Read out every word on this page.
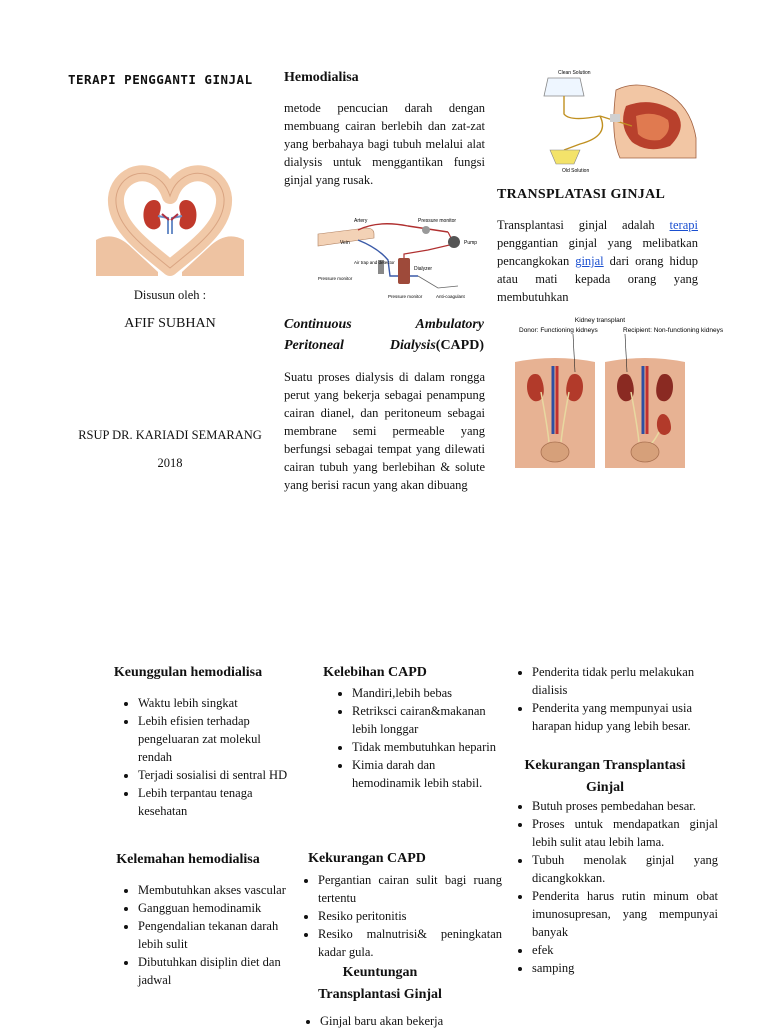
TERAPI PENGGANTI GINJAL
Disusun oleh :
AFIF SUBHAN
RSUP DR. KARIADI SEMARANG
2018
Hemodialisa

metode pencucian darah dengan membuang cairan berlebih dan zat-zat yang berbahaya bagi tubuh melalui alat dialysis untuk menggantikan fungsi ginjal yang rusak.

Artery	Pressure monitor
Pump
Vein
Air trap and detector
Dialyzer
Pressure monitor
Pressure monitor	Anti-coagulant
Continuous Ambulatory Peritoneal Dialysis(CAPD)

Suatu proses dialysis di dalam rongga perut yang bekerja sebagai penampung cairan dianel, dan peritoneum sebagai membrane semi permeable yang berfungsi sebagai tempat yang dilewati cairan tubuh yang berlebihan & solute yang berisi racun yang akan dibuang

Clean Solution
Old Solution
TRANSPLATASI GINJAL

Transplantasi ginjal adalah terapi penggantian ginjal yang melibatkan pencangkokan ginjal dari orang hidup atau mati kepada orang yang membutuhkan

Kidney transplant
Donor: Functioning kidneys	Recipient: Non-functioning kidneys
Keunggulan hemodialisa
• Waktu lebih singkat
• Lebih efisien terhadap pengeluaran zat molekul rendah
• Terjadi sosialisi di sentral HD
• Lebih terpantau tenaga kesehatan
Kelemahan hemodialisa
• Membutuhkan akses vascular
• Gangguan hemodinamik
• Pengendalian tekanan darah lebih sulit
• Dibutuhkan disiplin diet dan jadwal
Kelebihan CAPD
• Mandiri,lebih bebas
• Retriksci cairan&makanan lebih longgar
• Tidak membutuhkan heparin
• Kimia darah dan hemodinamik lebih stabil.
Kekurangan CAPD
• Pergantian cairan sulit bagi ruang tertentu
• Resiko peritonitis
• Resiko malnutrisi& peningkatan kadar gula.
Keuntungan Transplantasi Ginjal
• Ginjal baru akan bekerja
• Penderita tidak perlu melakukan dialisis
• Penderita yang mempunyai usia harapan hidup yang lebih besar.
Kekurangan Transplantasi Ginjal
• Butuh proses pembedahan besar.
• Proses untuk mendapatkan ginjal lebih sulit atau lebih lama.
• Tubuh menolak ginjal yang dicangkokkan.
• Penderita harus rutin minum obat imunosupresan, yang mempunyai banyak
• efek
• samping
